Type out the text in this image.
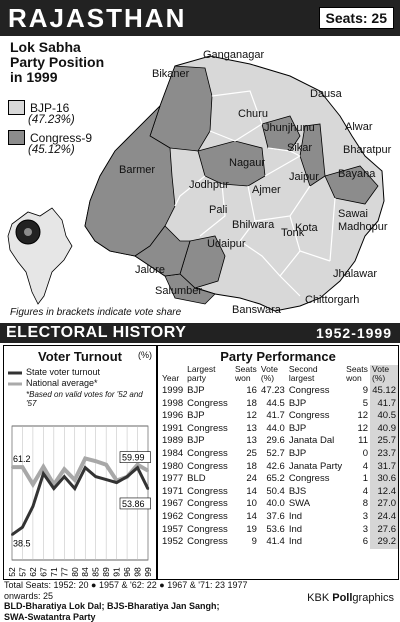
RAJASTHAN	Seats: 25
Ganganagar
Bikaner
Dausa
Churu
Alwar
Jhunjhunu
Sikar	Bharatpur
Barmer
Nagaur
Bayana
Jodhpur
Jaipur
Ajmer
Pali
Tonk
Sawai Madhopur
Bhilwara Kota
Udaipur
Jhalawar
Jalore
Salumber
Chittorgarh
Banswara
Lok Sabha
Party Position
in 1999
BJP-16
(47.23%)
Congress-9
(45.12%)
Figures in brackets indicate vote share
ELECTORAL HISTORY	1952-1999
Voter Turnout	(%)
52 57 62 67 71 77 80 84 85 89 91 96 98 99
61.2
38.5
59.99
53.86
State voter turnout
National average*
*Based on valid votes for '52 and '57
Party Performance
Year	Largest party	Seats won	Vote (%)	Second largest	Seats won	Vote (%)
1999	BJP	16	47.23	Congress	9	45.12
1998	Congress	18	44.5	BJP	5	41.7
1996	BJP	12	41.7	Congress	12	40.5
1991	Congress	13	44.0	BJP	12	40.9
1989	BJP	13	29.6	Janata Dal	11	25.7
1984	Congress	25	52.7	BJP	0	23.7
1980	Congress	18	42.6	Janata Party	4	31.7
1977	BLD	24	65.2	Congress	1	30.6
1971	Congress	14	50.4	BJS	4	12.4
1967	Congress	10	40.0	SWA	8	27.0
1962	Congress	14	37.6	Ind	3	24.4
1957	Congress	19	53.6	Ind	3	27.6
1952	Congress	9	41.4	Ind	6	29.2
Total Seats: 1952: 20 ● 1957 & '62: 22 ● 1967 & '71: 23 1977 onwards: 25
BLD-Bharatiya Lok Dal; BJS-Bharatiya Jan Sangh;
SWA-Swatantra Party
KBK Pollgraphics
